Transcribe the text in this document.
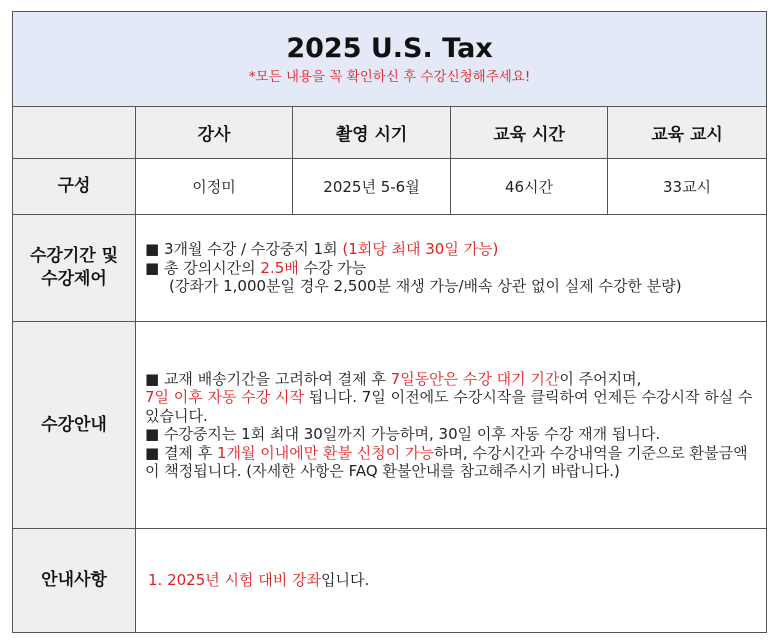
2025 U.S. Tax
*모든 내용을 꼭 확인하신 후 수강신청해주세요!				

	강사	촬영 시기	교육 시간	교육 교시
구성	이정미	2025년 5-6월	46시간	33교시
수강기간 및 수강제어	■ 3개월 수강 / 수강중지 1회 (1회당 최대 30일 가능)
■ 총 강의시간의 2.5배 수강 가능
(강좌가 1,000분일 경우 2,500분 재생 가능/배속 상관 없이 실제 수강한 분량)			

수강안내	■ 교재 배송기간을 고려하여 결제 후 7일동안은 수강 대기 기간이 주어지며,
7일 이후 자동 수강 시작 됩니다. 7일 이전에도 수강시작을 클릭하여 언제든 수강시작 하실 수 있습니다.
■ 수강중지는 1회 최대 30일까지 가능하며, 30일 이후 자동 수강 재개 됩니다.
■ 결제 후 1개월 이내에만 환불 신청이 가능하며, 수강시간과 수강내역을 기준으로 환불금액이 책정됩니다. (자세한 사항은 FAQ 환불안내를 참고해주시기 바랍니다.)			

안내사항	1. 2025년 시험 대비 강좌입니다.			
